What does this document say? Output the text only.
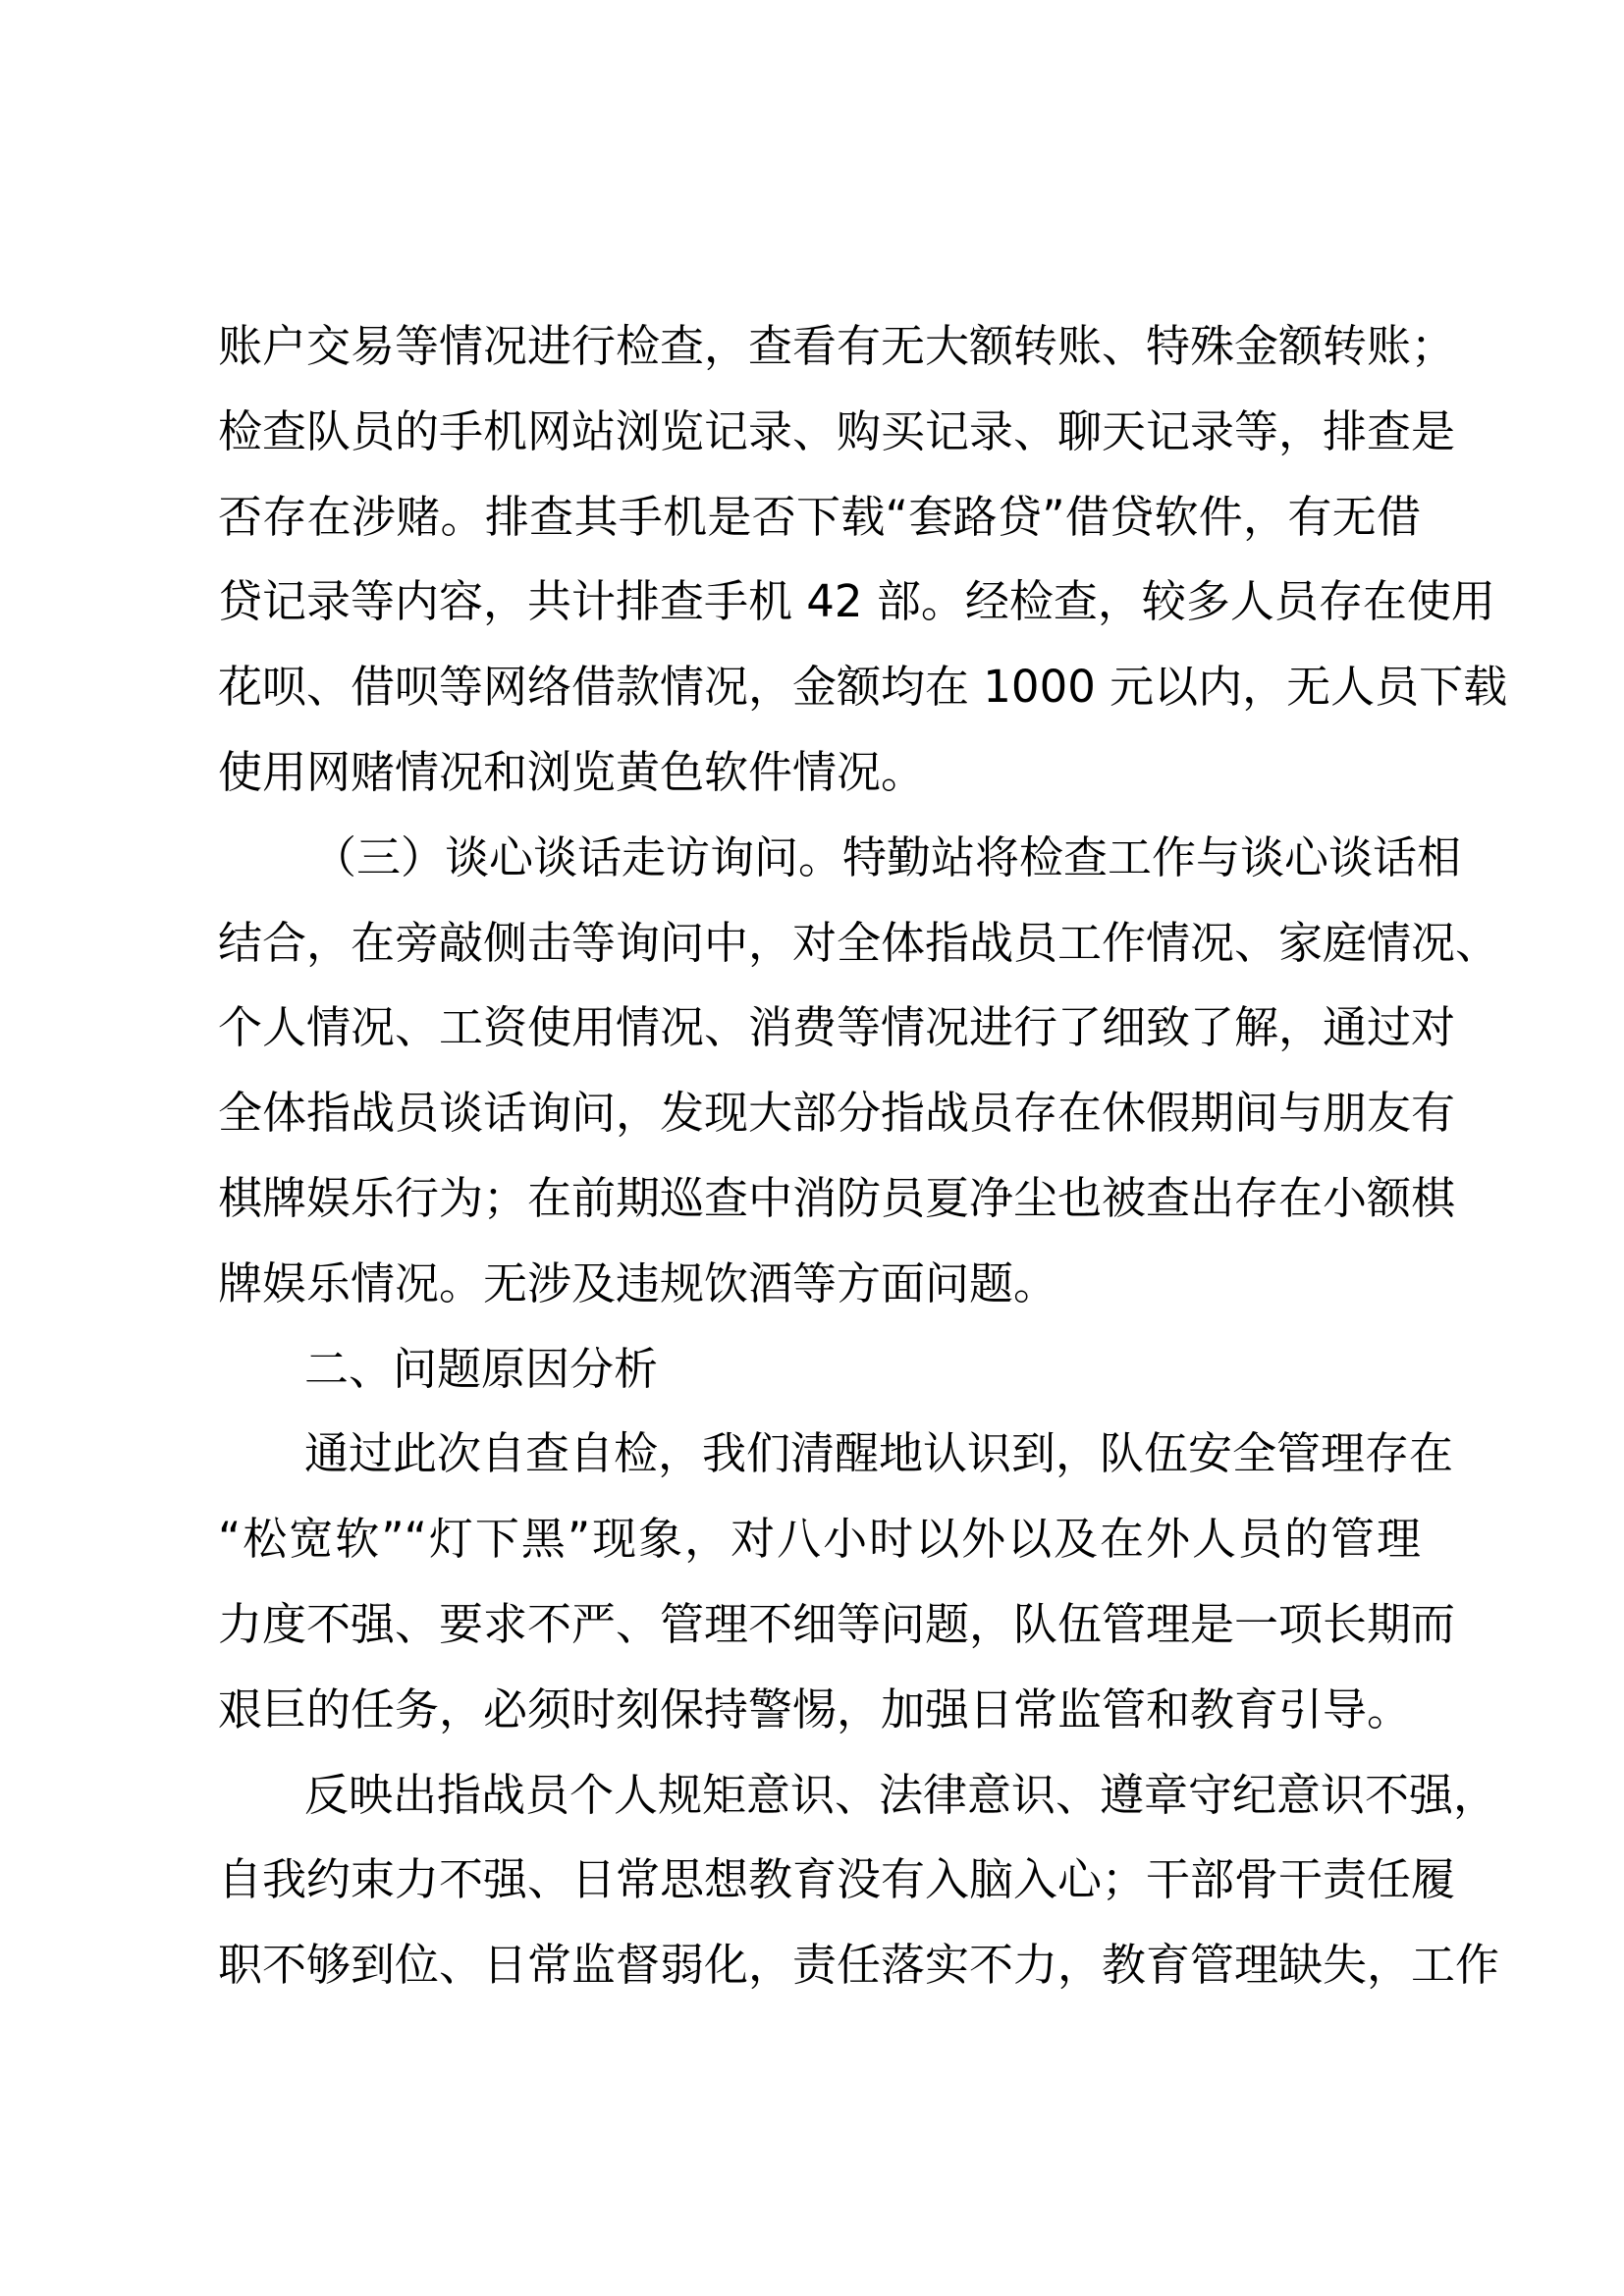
账户交易等情况进行检查，查看有无大额转账、特殊金额转账；
检查队员的手机网站浏览记录、购买记录、聊天记录等，排查是
否存在涉赌。排查其手机是否下载“套路贷”借贷软件，有无借
贷记录等内容，共计排查手机 42 部。经检查，较多人员存在使用
花呗、借呗等网络借款情况，金额均在 1000 元以内，无人员下载
使用网赌情况和浏览黄色软件情况。
（三）谈心谈话走访询问。特勤站将检查工作与谈心谈话相
结合，在旁敲侧击等询问中，对全体指战员工作情况、家庭情况、
个人情况、工资使用情况、消费等情况进行了细致了解，通过对
全体指战员谈话询问，发现大部分指战员存在休假期间与朋友有
棋牌娱乐行为；在前期巡查中消防员夏净尘也被查出存在小额棋
牌娱乐情况。无涉及违规饮酒等方面问题。
二、问题原因分析
通过此次自查自检，我们清醒地认识到，队伍安全管理存在
“松宽软”“灯下黑”现象，对八小时以外以及在外人员的管理
力度不强、要求不严、管理不细等问题，队伍管理是一项长期而
艰巨的任务，必须时刻保持警惕，加强日常监管和教育引导。
反映出指战员个人规矩意识、法律意识、遵章守纪意识不强，
自我约束力不强、日常思想教育没有入脑入心；干部骨干责任履
职不够到位、日常监督弱化，责任落实不力，教育管理缺失，工作
